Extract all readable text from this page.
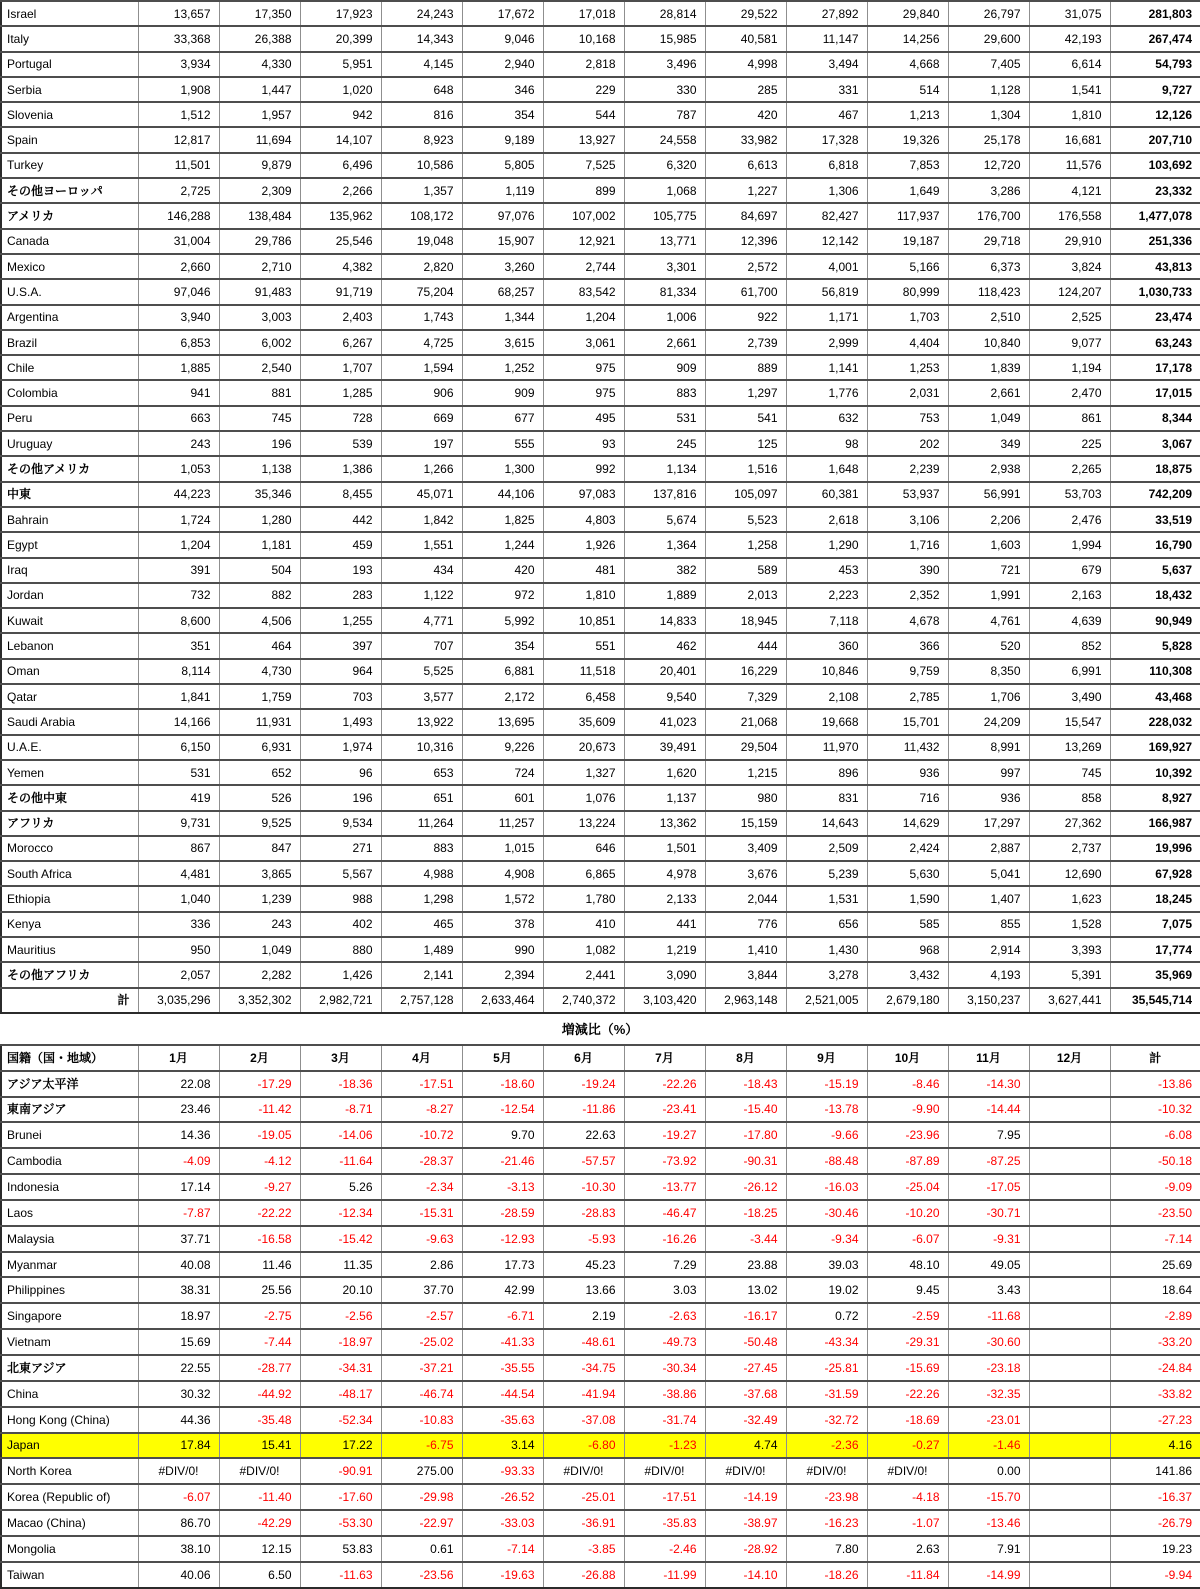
Israel	13,657	17,350	17,923	24,243	17,672	17,018	28,814	29,522	27,892	29,840	26,797	31,075	281,803
Italy	33,368	26,388	20,399	14,343	9,046	10,168	15,985	40,581	11,147	14,256	29,600	42,193	267,474
Portugal	3,934	4,330	5,951	4,145	2,940	2,818	3,496	4,998	3,494	4,668	7,405	6,614	54,793
Serbia	1,908	1,447	1,020	648	346	229	330	285	331	514	1,128	1,541	9,727
Slovenia	1,512	1,957	942	816	354	544	787	420	467	1,213	1,304	1,810	12,126
Spain	12,817	11,694	14,107	8,923	9,189	13,927	24,558	33,982	17,328	19,326	25,178	16,681	207,710
Turkey	11,501	9,879	6,496	10,586	5,805	7,525	6,320	6,613	6,818	7,853	12,720	11,576	103,692
その他ヨーロッパ	2,725	2,309	2,266	1,357	1,119	899	1,068	1,227	1,306	1,649	3,286	4,121	23,332
アメリカ	146,288	138,484	135,962	108,172	97,076	107,002	105,775	84,697	82,427	117,937	176,700	176,558	1,477,078
Canada	31,004	29,786	25,546	19,048	15,907	12,921	13,771	12,396	12,142	19,187	29,718	29,910	251,336
Mexico	2,660	2,710	4,382	2,820	3,260	2,744	3,301	2,572	4,001	5,166	6,373	3,824	43,813
U.S.A.	97,046	91,483	91,719	75,204	68,257	83,542	81,334	61,700	56,819	80,999	118,423	124,207	1,030,733
Argentina	3,940	3,003	2,403	1,743	1,344	1,204	1,006	922	1,171	1,703	2,510	2,525	23,474
Brazil	6,853	6,002	6,267	4,725	3,615	3,061	2,661	2,739	2,999	4,404	10,840	9,077	63,243
Chile	1,885	2,540	1,707	1,594	1,252	975	909	889	1,141	1,253	1,839	1,194	17,178
Colombia	941	881	1,285	906	909	975	883	1,297	1,776	2,031	2,661	2,470	17,015
Peru	663	745	728	669	677	495	531	541	632	753	1,049	861	8,344
Uruguay	243	196	539	197	555	93	245	125	98	202	349	225	3,067
その他アメリカ	1,053	1,138	1,386	1,266	1,300	992	1,134	1,516	1,648	2,239	2,938	2,265	18,875
中東	44,223	35,346	8,455	45,071	44,106	97,083	137,816	105,097	60,381	53,937	56,991	53,703	742,209
Bahrain	1,724	1,280	442	1,842	1,825	4,803	5,674	5,523	2,618	3,106	2,206	2,476	33,519
Egypt	1,204	1,181	459	1,551	1,244	1,926	1,364	1,258	1,290	1,716	1,603	1,994	16,790
Iraq	391	504	193	434	420	481	382	589	453	390	721	679	5,637
Jordan	732	882	283	1,122	972	1,810	1,889	2,013	2,223	2,352	1,991	2,163	18,432
Kuwait	8,600	4,506	1,255	4,771	5,992	10,851	14,833	18,945	7,118	4,678	4,761	4,639	90,949
Lebanon	351	464	397	707	354	551	462	444	360	366	520	852	5,828
Oman	8,114	4,730	964	5,525	6,881	11,518	20,401	16,229	10,846	9,759	8,350	6,991	110,308
Qatar	1,841	1,759	703	3,577	2,172	6,458	9,540	7,329	2,108	2,785	1,706	3,490	43,468
Saudi Arabia	14,166	11,931	1,493	13,922	13,695	35,609	41,023	21,068	19,668	15,701	24,209	15,547	228,032
U.A.E.	6,150	6,931	1,974	10,316	9,226	20,673	39,491	29,504	11,970	11,432	8,991	13,269	169,927
Yemen	531	652	96	653	724	1,327	1,620	1,215	896	936	997	745	10,392
その他中東	419	526	196	651	601	1,076	1,137	980	831	716	936	858	8,927
アフリカ	9,731	9,525	9,534	11,264	11,257	13,224	13,362	15,159	14,643	14,629	17,297	27,362	166,987
Morocco	867	847	271	883	1,015	646	1,501	3,409	2,509	2,424	2,887	2,737	19,996
South Africa	4,481	3,865	5,567	4,988	4,908	6,865	4,978	3,676	5,239	5,630	5,041	12,690	67,928
Ethiopia	1,040	1,239	988	1,298	1,572	1,780	2,133	2,044	1,531	1,590	1,407	1,623	18,245
Kenya	336	243	402	465	378	410	441	776	656	585	855	1,528	7,075
Mauritius	950	1,049	880	1,489	990	1,082	1,219	1,410	1,430	968	2,914	3,393	17,774
その他アフリカ	2,057	2,282	1,426	2,141	2,394	2,441	3,090	3,844	3,278	3,432	4,193	5,391	35,969
計	3,035,296	3,352,302	2,982,721	2,757,128	2,633,464	2,740,372	3,103,420	2,963,148	2,521,005	2,679,180	3,150,237	3,627,441	35,545,714
増減比（%）
国籍（国・地域）	1月	2月	3月	4月	5月	6月	7月	8月	9月	10月	11月	12月	計
アジア太平洋	22.08	-17.29	-18.36	-17.51	-18.60	-19.24	-22.26	-18.43	-15.19	-8.46	-14.30		-13.86
東南アジア	23.46	-11.42	-8.71	-8.27	-12.54	-11.86	-23.41	-15.40	-13.78	-9.90	-14.44		-10.32
Brunei	14.36	-19.05	-14.06	-10.72	9.70	22.63	-19.27	-17.80	-9.66	-23.96	7.95		-6.08
Cambodia	-4.09	-4.12	-11.64	-28.37	-21.46	-57.57	-73.92	-90.31	-88.48	-87.89	-87.25		-50.18
Indonesia	17.14	-9.27	5.26	-2.34	-3.13	-10.30	-13.77	-26.12	-16.03	-25.04	-17.05		-9.09
Laos	-7.87	-22.22	-12.34	-15.31	-28.59	-28.83	-46.47	-18.25	-30.46	-10.20	-30.71		-23.50
Malaysia	37.71	-16.58	-15.42	-9.63	-12.93	-5.93	-16.26	-3.44	-9.34	-6.07	-9.31		-7.14
Myanmar	40.08	11.46	11.35	2.86	17.73	45.23	7.29	23.88	39.03	48.10	49.05		25.69
Philippines	38.31	25.56	20.10	37.70	42.99	13.66	3.03	13.02	19.02	9.45	3.43		18.64
Singapore	18.97	-2.75	-2.56	-2.57	-6.71	2.19	-2.63	-16.17	0.72	-2.59	-11.68		-2.89
Vietnam	15.69	-7.44	-18.97	-25.02	-41.33	-48.61	-49.73	-50.48	-43.34	-29.31	-30.60		-33.20
北東アジア	22.55	-28.77	-34.31	-37.21	-35.55	-34.75	-30.34	-27.45	-25.81	-15.69	-23.18		-24.84
China	30.32	-44.92	-48.17	-46.74	-44.54	-41.94	-38.86	-37.68	-31.59	-22.26	-32.35		-33.82
Hong Kong (China)	44.36	-35.48	-52.34	-10.83	-35.63	-37.08	-31.74	-32.49	-32.72	-18.69	-23.01		-27.23
Japan	17.84	15.41	17.22	-6.75	3.14	-6.80	-1.23	4.74	-2.36	-0.27	-1.46		4.16
North Korea	#DIV/0!	#DIV/0!	-90.91	275.00	-93.33	#DIV/0!	#DIV/0!	#DIV/0!	#DIV/0!	#DIV/0!	0.00		141.86
Korea (Republic of)	-6.07	-11.40	-17.60	-29.98	-26.52	-25.01	-17.51	-14.19	-23.98	-4.18	-15.70		-16.37
Macao (China)	86.70	-42.29	-53.30	-22.97	-33.03	-36.91	-35.83	-38.97	-16.23	-1.07	-13.46		-26.79
Mongolia	38.10	12.15	53.83	0.61	-7.14	-3.85	-2.46	-28.92	7.80	2.63	7.91		19.23
Taiwan	40.06	6.50	-11.63	-23.56	-19.63	-26.88	-11.99	-14.10	-18.26	-11.84	-14.99		-9.94
